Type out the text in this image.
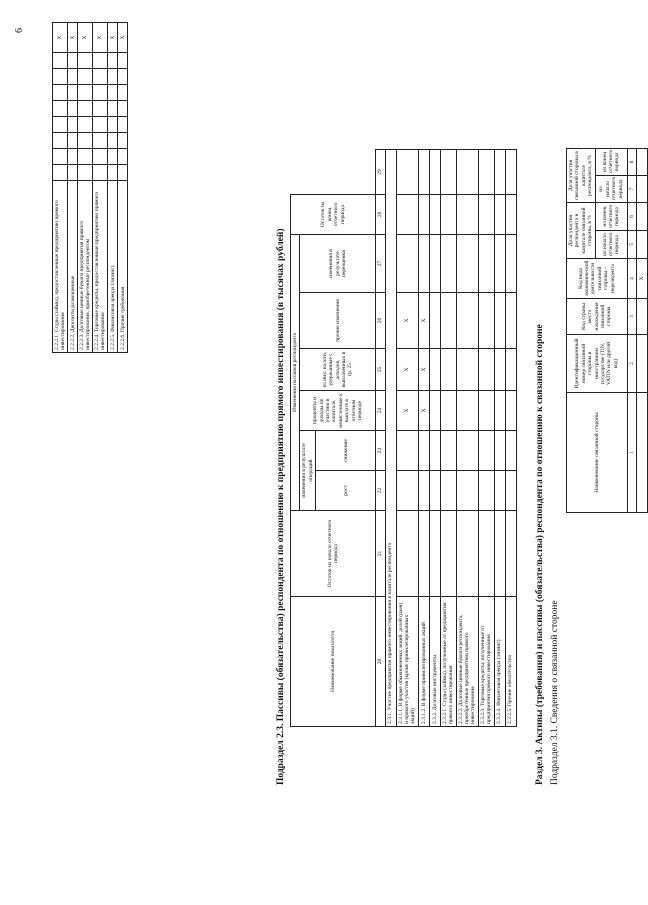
6
2.2.2.1. Ссуды (займы), предоставленные предприятию прямого инвестирования									X
2.2.2.2. Депозиты размещенные									X
2.2.2.3. Долговые ценные бумаги предприятия прямого инвестирования, приобретенные респондентом									X
2.2.2.4. Торговые кредиты, предоставленные предприятию прямого инвестирования									X
2.2.2.5. Финансовая аренда (лизинг)									X
2.2.2.6. Прочие требования									X
Подраздел 2.3. Пассивы (обязательства) респондента по отношению к предприятию прямого инвестирования (в тысячах рублей)	Наименование показателя	Остаток на начало отчетного периода	Изменения пассивов респондента						Остаток на конец отчетного периода	
		изменения в результате операций		проценты и доходы по участию в капитале, начисленные к выплате в отчетном периоде	из них: налоги, удержанные с доходов, выплаченных в гр. 25	прочие изменения	изменения в результате переоценки		
		рост	снижение						
20	21	22	23	24	25	26	27	28	29
2.3.1. Участие предприятия прямого инвестирования в капитале респондента									
2.3.1.1. В форме обыкновенных акций, долей (паев) и прямого участия (кроме привилегированных акций)				X	X	X			
2.3.1.2. В форме привилегированных акций				X	X	X			
2.3.2. Долговые инструменты									
2.3.2.1. Ссуды (займы), полученные от предприятия прямого инвестирования									
2.3.2.2. Долговые ценные бумаги респондента, приобретенные предприятием прямого инвестирования									
2.3.2.3. Торговые кредиты, полученные от предприятия прямого инвестирования									
2.3.2.4. Финансовая аренда (лизинг)									
2.3.2.5. Прочие обязательства									Раздел 3. Активы (требования) и пассивы (обязательства) респондента по отношению к связанной стороне Подраздел 3.1. Сведения о связанной стороне
Наименование связанной стороны	Идентификационный номер связанной стороны в иностранном государстве (TIN, VATIN или другой код)	Код страны места нахождения связанной стороны	Код вида экономической деятельности связанной стороны – нерезидента	Доля участия респондента в капитале связанной стороны, в %		Доля участия связанной стороны в капитале респондента, в %	
				на начало отчетного периода	на конец отчетного периода	на начало отчетного периода	на конец отчетного периода
1	2	3	4	5	6	7	8
			X				
